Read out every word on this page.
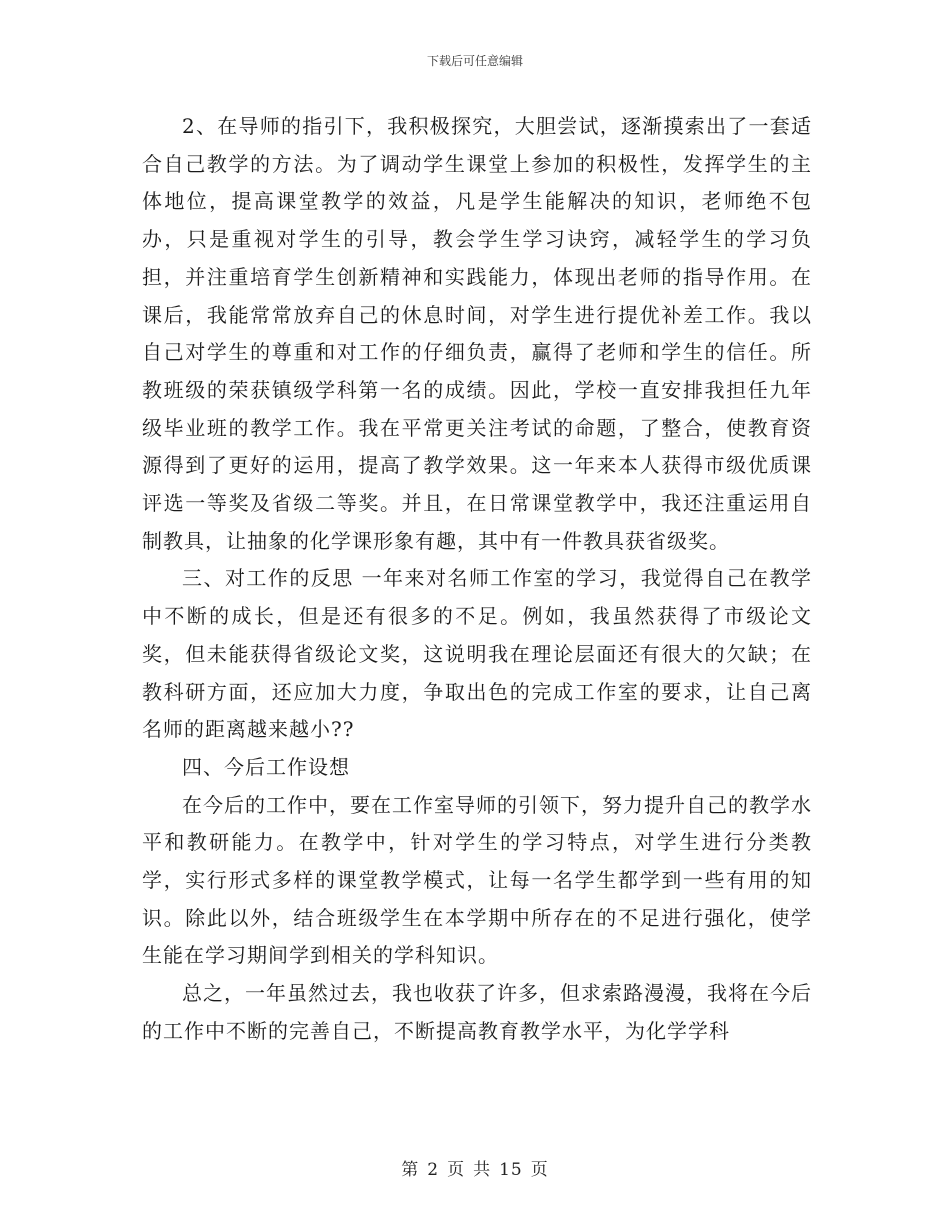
下载后可任意编辑

2、在导师的指引下，我积极探究，大胆尝试，逐渐摸索出了一套适合自己教学的方法。为了调动学生课堂上参加的积极性，发挥学生的主体地位，提高课堂教学的效益，凡是学生能解决的知识，老师绝不包办，只是重视对学生的引导，教会学生学习诀窍，减轻学生的学习负担，并注重培育学生创新精神和实践能力，体现出老师的指导作用。在课后，我能常常放弃自己的休息时间，对学生进行提优补差工作。我以自己对学生的尊重和对工作的仔细负责，赢得了老师和学生的信任。所教班级的荣获镇级学科第一名的成绩。因此，学校一直安排我担任九年级毕业班的教学工作。我在平常更关注考试的命题，了整合，使教育资源得到了更好的运用，提高了教学效果。这一年来本人获得市级优质课评选一等奖及省级二等奖。并且，在日常课堂教学中，我还注重运用自制教具，让抽象的化学课形象有趣，其中有一件教具获省级奖。

三、对工作的反思 一年来对名师工作室的学习，我觉得自己在教学中不断的成长，但是还有很多的不足。例如，我虽然获得了市级论文奖，但未能获得省级论文奖，这说明我在理论层面还有很大的欠缺；在教科研方面，还应加大力度，争取出色的完成工作室的要求，让自己离名师的距离越来越小??

四、今后工作设想

在今后的工作中，要在工作室导师的引领下，努力提升自己的教学水平和教研能力。在教学中，针对学生的学习特点，对学生进行分类教学，实行形式多样的课堂教学模式，让每一名学生都学到一些有用的知识。除此以外，结合班级学生在本学期中所存在的不足进行强化，使学生能在学习期间学到相关的学科知识。

总之，一年虽然过去，我也收获了许多，但求索路漫漫，我将在今后的工作中不断的完善自己，不断提高教育教学水平，为化学学科

第 2 页 共 15 页
